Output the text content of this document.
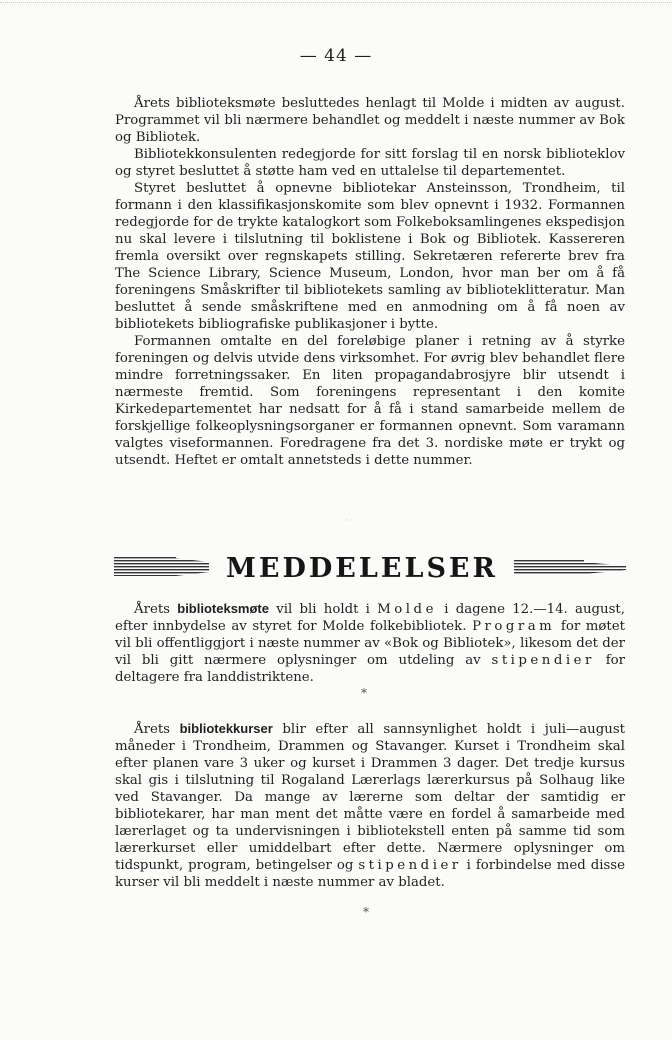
— 44 —

Årets biblioteksmøte besluttedes henlagt til Molde i midten av august. Programmet vil bli nærmere behandlet og meddelt i næste nummer av Bok og Bibliotek.

Bibliotekkonsulenten redegjorde for sitt forslag til en norsk biblioteklov og styret besluttet å støtte ham ved en uttalelse til departementet.

Styret besluttet å opnevne bibliotekar Ansteinsson, Trondheim, til formann i den klassifikasjonskomite som blev opnevnt i 1932. Formannen redegjorde for de trykte katalogkort som Folkeboksamlingenes ekspedisjon nu skal levere i tilslutning til boklistene i Bok og Bibliotek. Kassereren fremla oversikt over regnskapets stilling. Sekretæren refererte brev fra The Science Library, Science Museum, London, hvor man ber om å få foreningens Småskrifter til bibliotekets samling av biblioteklitteratur. Man besluttet å sende småskriftene med en anmodning om å få noen av bibliotekets bibliografiske publikasjoner i bytte.

Formannen omtalte en del foreløbige planer i retning av å styrke foreningen og delvis utvide dens virksomhet. For øvrig blev behandlet flere mindre forretningssaker. En liten propagandabrosjyre blir utsendt i nærmeste fremtid. Som foreningens representant i den komite Kirkedepartementet har nedsatt for å få i stand samarbeide mellem de forskjellige folkeoplysningsorganer er formannen opnevnt. Som varamann valgtes viseformannen. Foredragene fra det 3. nordiske møte er trykt og utsendt. Heftet er omtalt annetsteds i dette nummer.

· · ·
MEDDELELSER

Årets biblioteksmøte vil bli holdt i Molde i dagene 12.—14. august, efter innbydelse av styret for Molde folkebibliotek. Program for møtet vil bli offentliggjort i næste nummer av «Bok og Bibliotek», likesom det der vil bli gitt nærmere oplysninger om utdeling av stipendier for deltagere fra landdistriktene.

*

Årets bibliotekkurser blir efter all sannsynlighet holdt i juli—august måneder i Trondheim, Drammen og Stavanger. Kurset i Trondheim skal efter planen vare 3 uker og kurset i Drammen 3 dager. Det tredje kursus skal gis i tilslutning til Rogaland Lærerlags lærerkursus på Solhaug like ved Stavanger. Da mange av lærerne som deltar der samtidig er bibliotekarer, har man ment det måtte være en fordel å samarbeide med lærerlaget og ta undervisningen i bibliotekstell enten på samme tid som lærerkurset eller umiddelbart efter dette. Nærmere oplysninger om tidspunkt, program, betingelser og stipendier i forbindelse med disse kurser vil bli meddelt i næste nummer av bladet.

*
